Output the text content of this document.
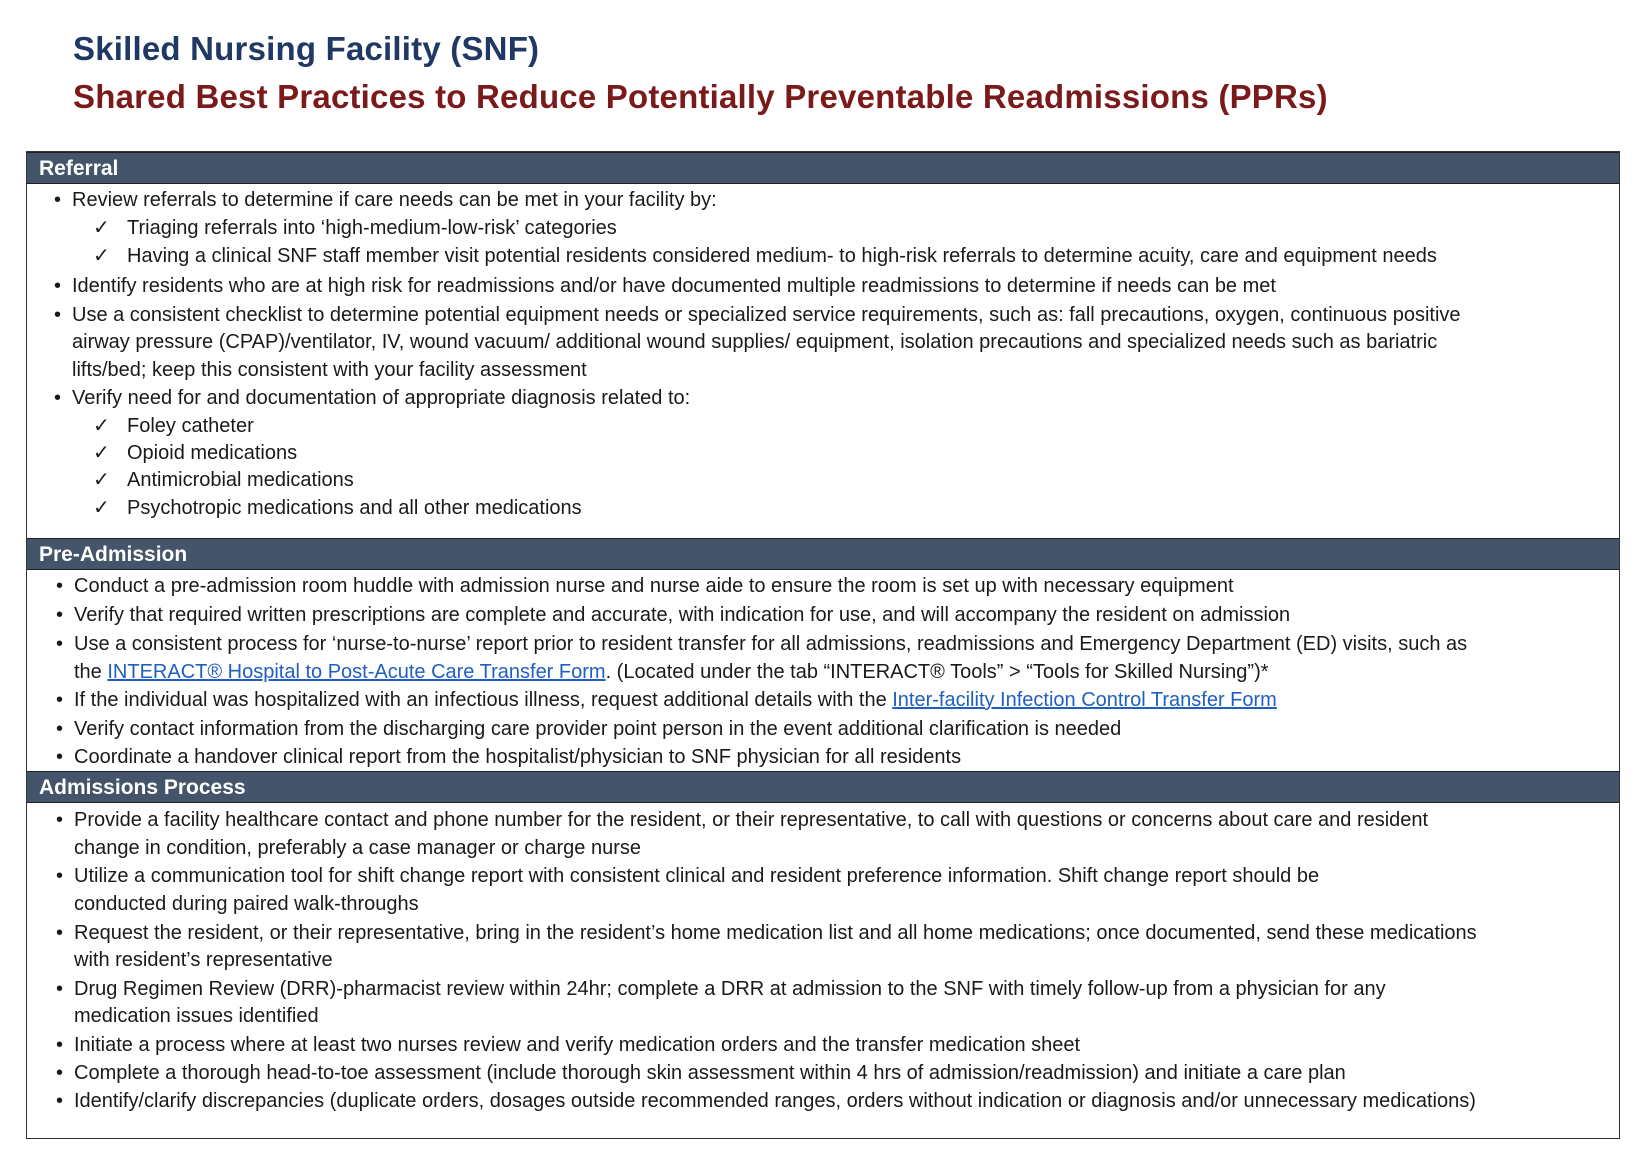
Skilled Nursing Facility (SNF)
Shared Best Practices to Reduce Potentially Preventable Readmissions (PPRs)
Referral
• Review referrals to determine if care needs can be met in your facility by:
✓ Triaging referrals into ‘high-medium-low-risk’ categories
✓ Having a clinical SNF staff member visit potential residents considered medium- to high-risk referrals to determine acuity, care and equipment needs
• Identify residents who are at high risk for readmissions and/or have documented multiple readmissions to determine if needs can be met
• Use a consistent checklist to determine potential equipment needs or specialized service requirements, such as: fall precautions, oxygen, continuous positive
airway pressure (CPAP)/ventilator, IV, wound vacuum/ additional wound supplies/ equipment, isolation precautions and specialized needs such as bariatric
lifts/bed; keep this consistent with your facility assessment
• Verify need for and documentation of appropriate diagnosis related to:
✓ Foley catheter
✓ Opioid medications
✓ Antimicrobial medications
✓ Psychotropic medications and all other medications
Pre-Admission
• Conduct a pre-admission room huddle with admission nurse and nurse aide to ensure the room is set up with necessary equipment
• Verify that required written prescriptions are complete and accurate, with indication for use, and will accompany the resident on admission
• Use a consistent process for ‘nurse-to-nurse’ report prior to resident transfer for all admissions, readmissions and Emergency Department (ED) visits, such as
the INTERACT® Hospital to Post-Acute Care Transfer Form. (Located under the tab “INTERACT® Tools” > “Tools for Skilled Nursing”)*
• If the individual was hospitalized with an infectious illness, request additional details with the Inter-facility Infection Control Transfer Form
• Verify contact information from the discharging care provider point person in the event additional clarification is needed
• Coordinate a handover clinical report from the hospitalist/physician to SNF physician for all residents
Admissions Process
• Provide a facility healthcare contact and phone number for the resident, or their representative, to call with questions or concerns about care and resident
change in condition, preferably a case manager or charge nurse
• Utilize a communication tool for shift change report with consistent clinical and resident preference information. Shift change report should be
conducted during paired walk-throughs
• Request the resident, or their representative, bring in the resident’s home medication list and all home medications; once documented, send these medications
with resident’s representative
• Drug Regimen Review (DRR)-pharmacist review within 24hr; complete a DRR at admission to the SNF with timely follow-up from a physician for any
medication issues identified
• Initiate a process where at least two nurses review and verify medication orders and the transfer medication sheet
• Complete a thorough head-to-toe assessment (include thorough skin assessment within 4 hrs of admission/readmission) and initiate a care plan
• Identify/clarify discrepancies (duplicate orders, dosages outside recommended ranges, orders without indication or diagnosis and/or unnecessary medications)
